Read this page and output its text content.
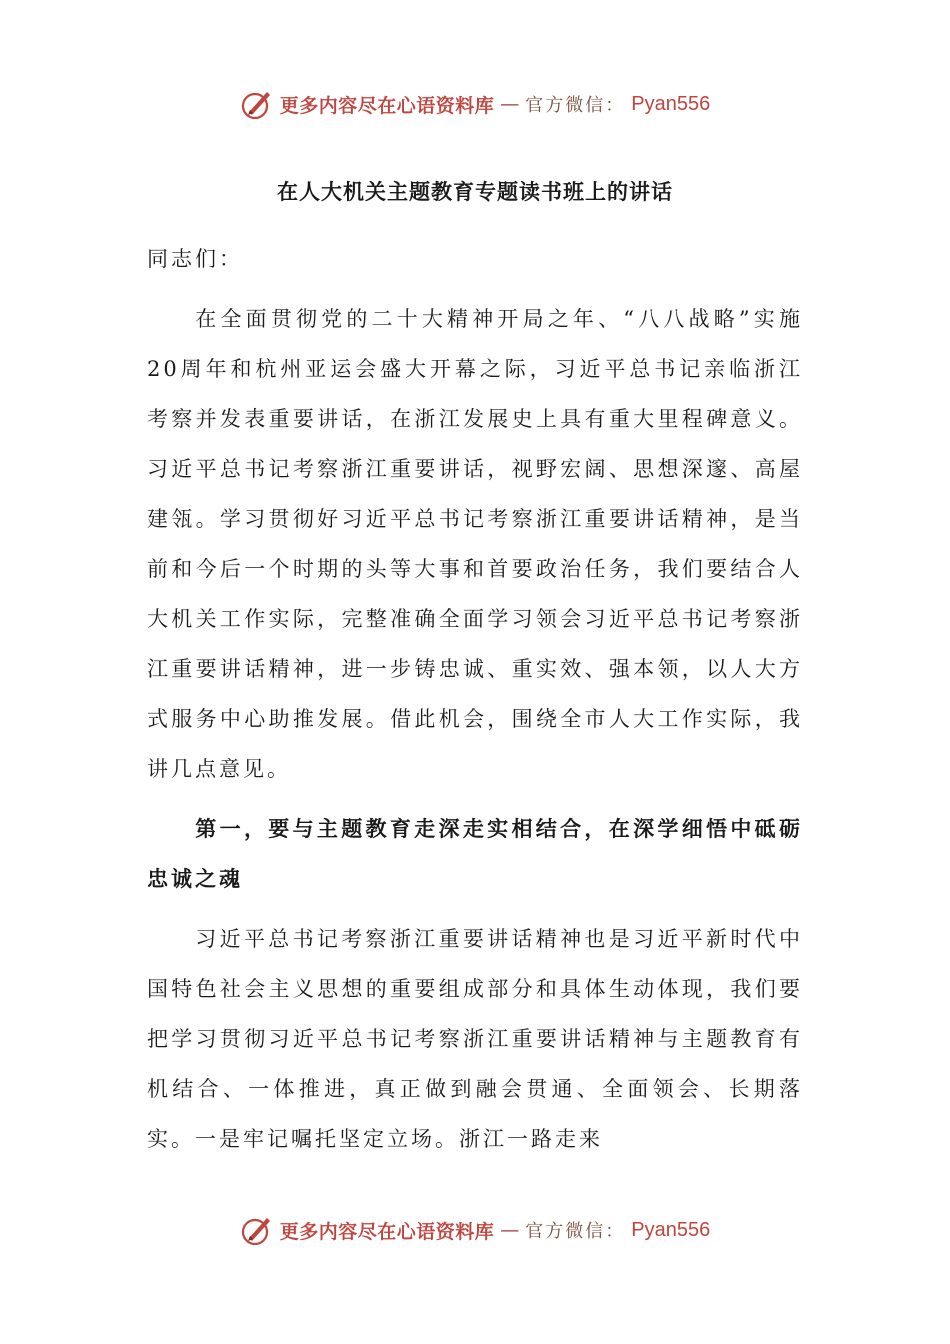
更多内容尽在心语资料库 — 官方微信： Pyan556
在人大机关主题教育专题读书班上的讲话

同志们：

在全面贯彻党的二十大精神开局之年、“八八战略”实施20周年和杭州亚运会盛大开幕之际，习近平总书记亲临浙江考察并发表重要讲话，在浙江发展史上具有重大里程碑意义。习近平总书记考察浙江重要讲话，视野宏阔、思想深邃、高屋建瓴。学习贯彻好习近平总书记考察浙江重要讲话精神，是当前和今后一个时期的头等大事和首要政治任务，我们要结合人大机关工作实际，完整准确全面学习领会习近平总书记考察浙江重要讲话精神，进一步铸忠诚、重实效、强本领，以人大方式服务中心助推发展。借此机会，围绕全市人大工作实际，我讲几点意见。

第一，要与主题教育走深走实相结合，在深学细悟中砥砺忠诚之魂

习近平总书记考察浙江重要讲话精神也是习近平新时代中国特色社会主义思想的重要组成部分和具体生动体现，我们要把学习贯彻习近平总书记考察浙江重要讲话精神与主题教育有机结合、一体推进，真正做到融会贯通、全面领会、长期落实。一是牢记嘱托坚定立场。浙江一路走来

更多内容尽在心语资料库 — 官方微信： Pyan556
